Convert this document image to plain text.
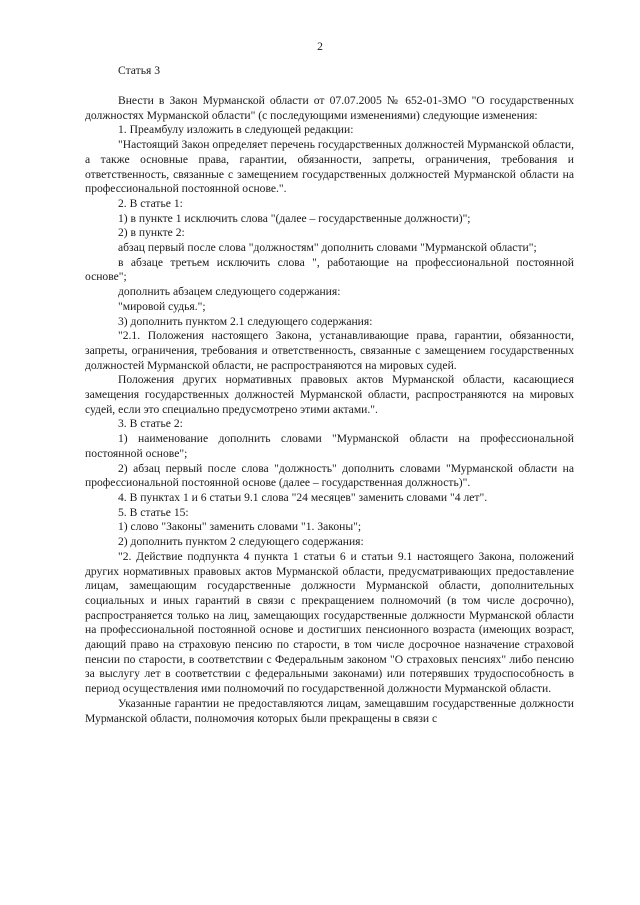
2
Статья 3

Внести в Закон Мурманской области от 07.07.2005 № 652-01-ЗМО "О государственных должностях Мурманской области" (с последующими изменениями) следующие изменения:

1. Преамбулу изложить в следующей редакции:

"Настоящий Закон определяет перечень государственных должностей Мурманской области, а также основные права, гарантии, обязанности, запреты, ограничения, требования и ответственность, связанные с замещением государственных должностей Мурманской области на профессиональной постоянной основе.".

2. В статье 1:

1) в пункте 1 исключить слова "(далее – государственные должности)";

2) в пункте 2:

абзац первый после слова "должностям" дополнить словами "Мурманской области";

в абзаце третьем исключить слова ", работающие на профессиональной постоянной основе";

дополнить абзацем следующего содержания:

"мировой судья.";

3) дополнить пунктом 2.1 следующего содержания:

"2.1. Положения настоящего Закона, устанавливающие права, гарантии, обязанности, запреты, ограничения, требования и ответственность, связанные с замещением государственных должностей Мурманской области, не распространяются на мировых судей.

Положения других нормативных правовых актов Мурманской области, касающиеся замещения государственных должностей Мурманской области, распространяются на мировых судей, если это специально предусмотрено этими актами.".

3. В статье 2:

1) наименование дополнить словами "Мурманской области на профессиональной постоянной основе";

2) абзац первый после слова "должность" дополнить словами "Мурманской области на профессиональной постоянной основе (далее – государственная должность)".

4. В пунктах 1 и 6 статьи 9.1 слова "24 месяцев" заменить словами "4 лет".

5. В статье 15:

1) слово "Законы" заменить словами "1. Законы";

2) дополнить пунктом 2 следующего содержания:

"2. Действие подпункта 4 пункта 1 статьи 6 и статьи 9.1 настоящего Закона, положений других нормативных правовых актов Мурманской области, предусматривающих предоставление лицам, замещающим государственные должности Мурманской области, дополнительных социальных и иных гарантий в связи с прекращением полномочий (в том числе досрочно), распространяется только на лиц, замещающих государственные должности Мурманской области на профессиональной постоянной основе и достигших пенсионного возраста (имеющих возраст, дающий право на страховую пенсию по старости, в том числе досрочное назначение страховой пенсии по старости, в соответствии с Федеральным законом "О страховых пенсиях" либо пенсию за выслугу лет в соответствии с федеральными законами) или потерявших трудоспособность в период осуществления ими полномочий по государственной должности Мурманской области.

Указанные гарантии не предоставляются лицам, замещавшим государственные должности Мурманской области, полномочия которых были прекращены в связи с
